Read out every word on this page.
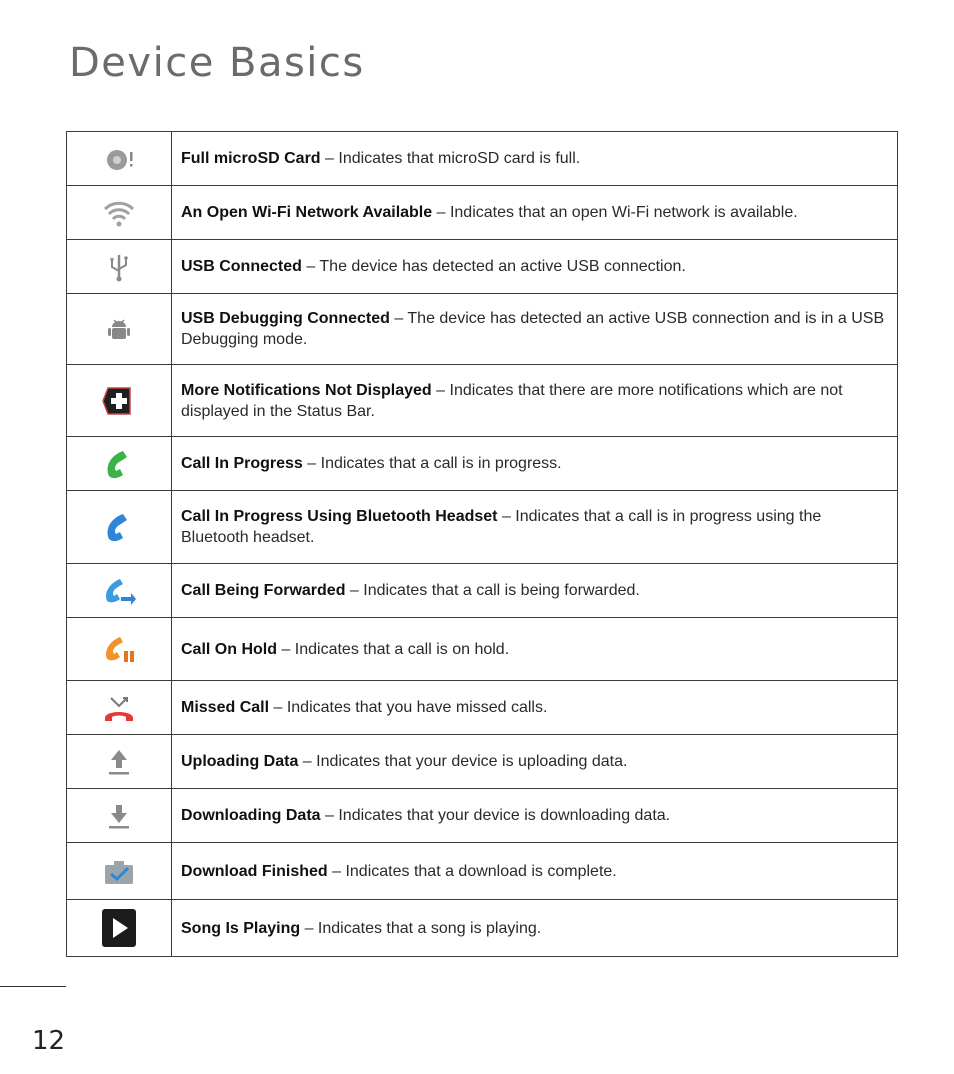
Device Basics
	Full microSD Card – Indicates that microSD card is full.

	An Open Wi-Fi Network Available – Indicates that an open Wi-Fi network is available.

	USB Connected – The device has detected an active USB connection.

	USB Debugging Connected – The device has detected an active USB connection and is in a USB Debugging mode.

	More Notifications Not Displayed – Indicates that there are more notifications which are not displayed in the Status Bar.

	Call In Progress – Indicates that a call is in progress.

	Call In Progress Using Bluetooth Headset – Indicates that a call is in progress using the Bluetooth headset.

	Call Being Forwarded – Indicates that a call is being forwarded.

	Call On Hold – Indicates that a call is on hold.

	Missed Call – Indicates that you have missed calls.

	Uploading Data – Indicates that your device is uploading data.

	Downloading Data – Indicates that your device is downloading data.

	Download Finished – Indicates that a download is complete.

	Song Is Playing – Indicates that a song is playing.
12
